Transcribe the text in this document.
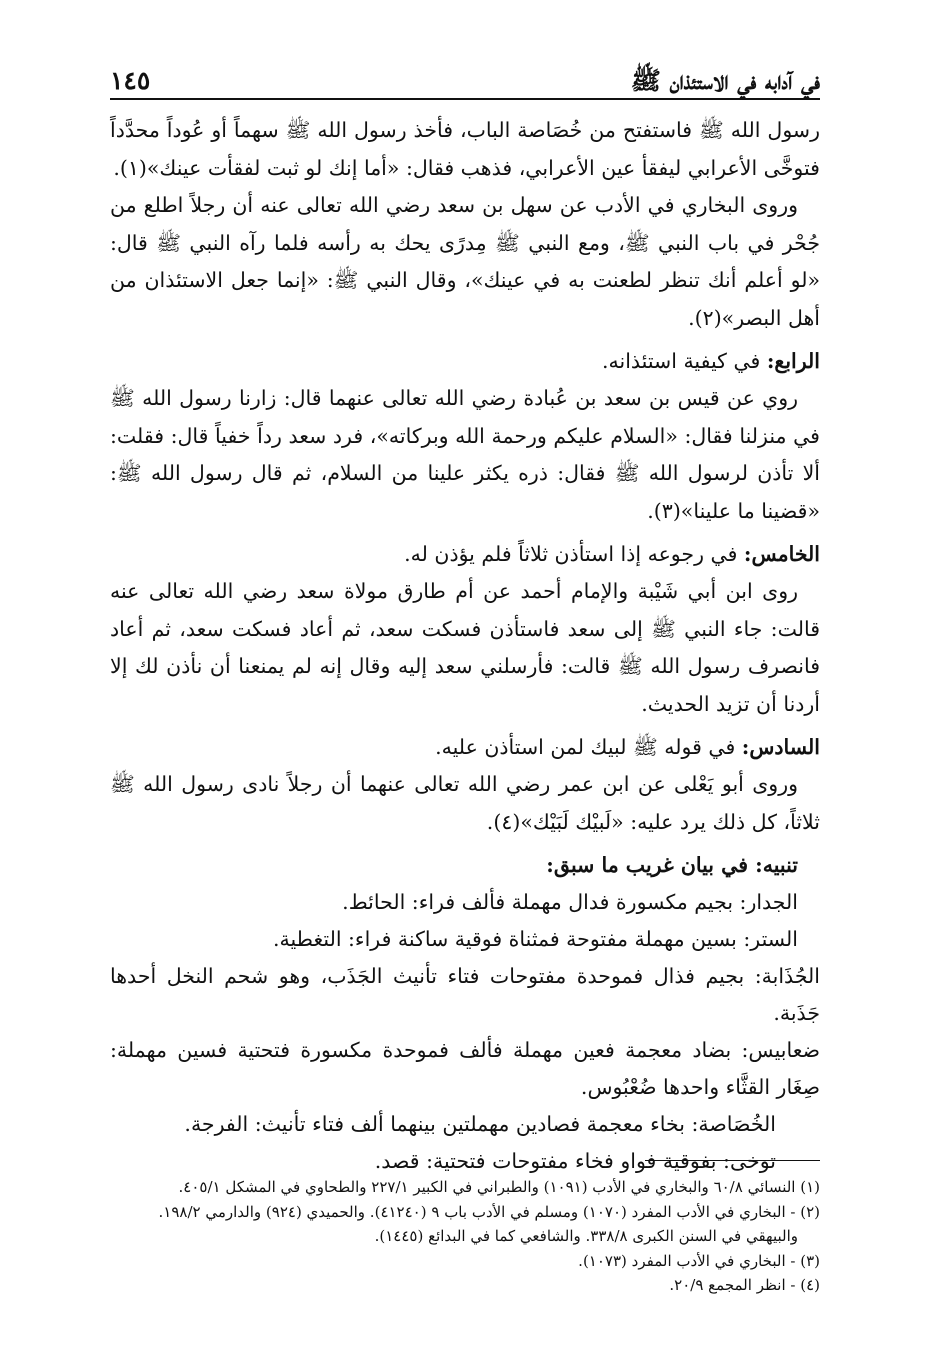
في آدابه في الاستئذان ﷺ
١٤٥

رسول الله ﷺ فاستفتح من خُصَاصة الباب، فأخذ رسول الله ﷺ سهماً أو عُوداً محدَّداً فتوخَّى الأعرابي ليفقأ عين الأعرابي، فذهب فقال: «أما إنك لو ثبت لفقأت عينك»(١).

وروى البخاري في الأدب عن سهل بن سعد رضي الله تعالى عنه أن رجلاً اطلع من جُحْر في باب النبي ﷺ، ومع النبي ﷺ مِدرًى يحك به رأسه فلما رآه النبي ﷺ قال: «لو أعلم أنك تنظر لطعنت به في عينك»، وقال النبي ﷺ: «إنما جعل الاستئذان من أهل البصر»(٢).

الرابع: في كيفية استئذانه.

روي عن قيس بن سعد بن عُبادة رضي الله تعالى عنهما قال: زارنا رسول الله ﷺ في منزلنا فقال: «السلام عليكم ورحمة الله وبركاته»، فرد سعد رداً خفياً قال: فقلت: ألا تأذن لرسول الله ﷺ فقال: ذره يكثر علينا من السلام، ثم قال رسول الله ﷺ: «قضينا ما علينا»(٣).

الخامس: في رجوعه إذا استأذن ثلاثاً فلم يؤذن له.

روى ابن أبي شَيْبة والإمام أحمد عن أم طارق مولاة سعد رضي الله تعالى عنه قالت: جاء النبي ﷺ إلى سعد فاستأذن فسكت سعد، ثم أعاد فسكت سعد، ثم أعاد فانصرف رسول الله ﷺ قالت: فأرسلني سعد إليه وقال إنه لم يمنعنا أن نأذن لك إلا أردنا أن تزيد الحديث.

السادس: في قوله ﷺ لبيك لمن استأذن عليه.

وروى أبو يَعْلى عن ابن عمر رضي الله تعالى عنهما أن رجلاً نادى رسول الله ﷺ ثلاثاً، كل ذلك يرد عليه: «لَبيْك لَبَيْك»(٤).

تنبيه: في بيان غريب ما سبق:

الجدار: بجيم مكسورة فدال مهملة فألف فراء: الحائط.

الستر: بسين مهملة مفتوحة فمثناة فوقية ساكنة فراء: التغطية.

الجُذَابة: بجيم فذال فموحدة مفتوحات فتاء تأنيث الجَذَب، وهو شحم النخل أحدها جَذَبة.

ضعابيس: بضاد معجمة فعين مهملة فألف فموحدة مكسورة فتحتية فسين مهملة: صِغَار القثَّاء واحدها ضُعْبُوس.

الخُصَاصة: بخاء معجمة فصادين مهملتين بينهما ألف فتاء تأنيث: الفرجة.

توخى: بفوقية فواو فخاء مفتوحات فتحتية: قصد.

(١) النسائي ٦٠/٨ والبخاري في الأدب (١٠٩١) والطبراني في الكبير ٢٢٧/١ والطحاوي في المشكل ٤٠٥/١.

(٢) - البخاري في الأدب المفرد (١٠٧٠) ومسلم في الأدب باب ٩ (٤١٢٤٠). والحميدي (٩٢٤) والدارمي ١٩٨/٢.

والبيهقي في السنن الكبرى ٣٣٨/٨. والشافعي كما في البدائع (١٤٤٥).

(٣) - البخاري في الأدب المفرد (١٠٧٣).

(٤) - انظر المجمع ٢٠/٩.
